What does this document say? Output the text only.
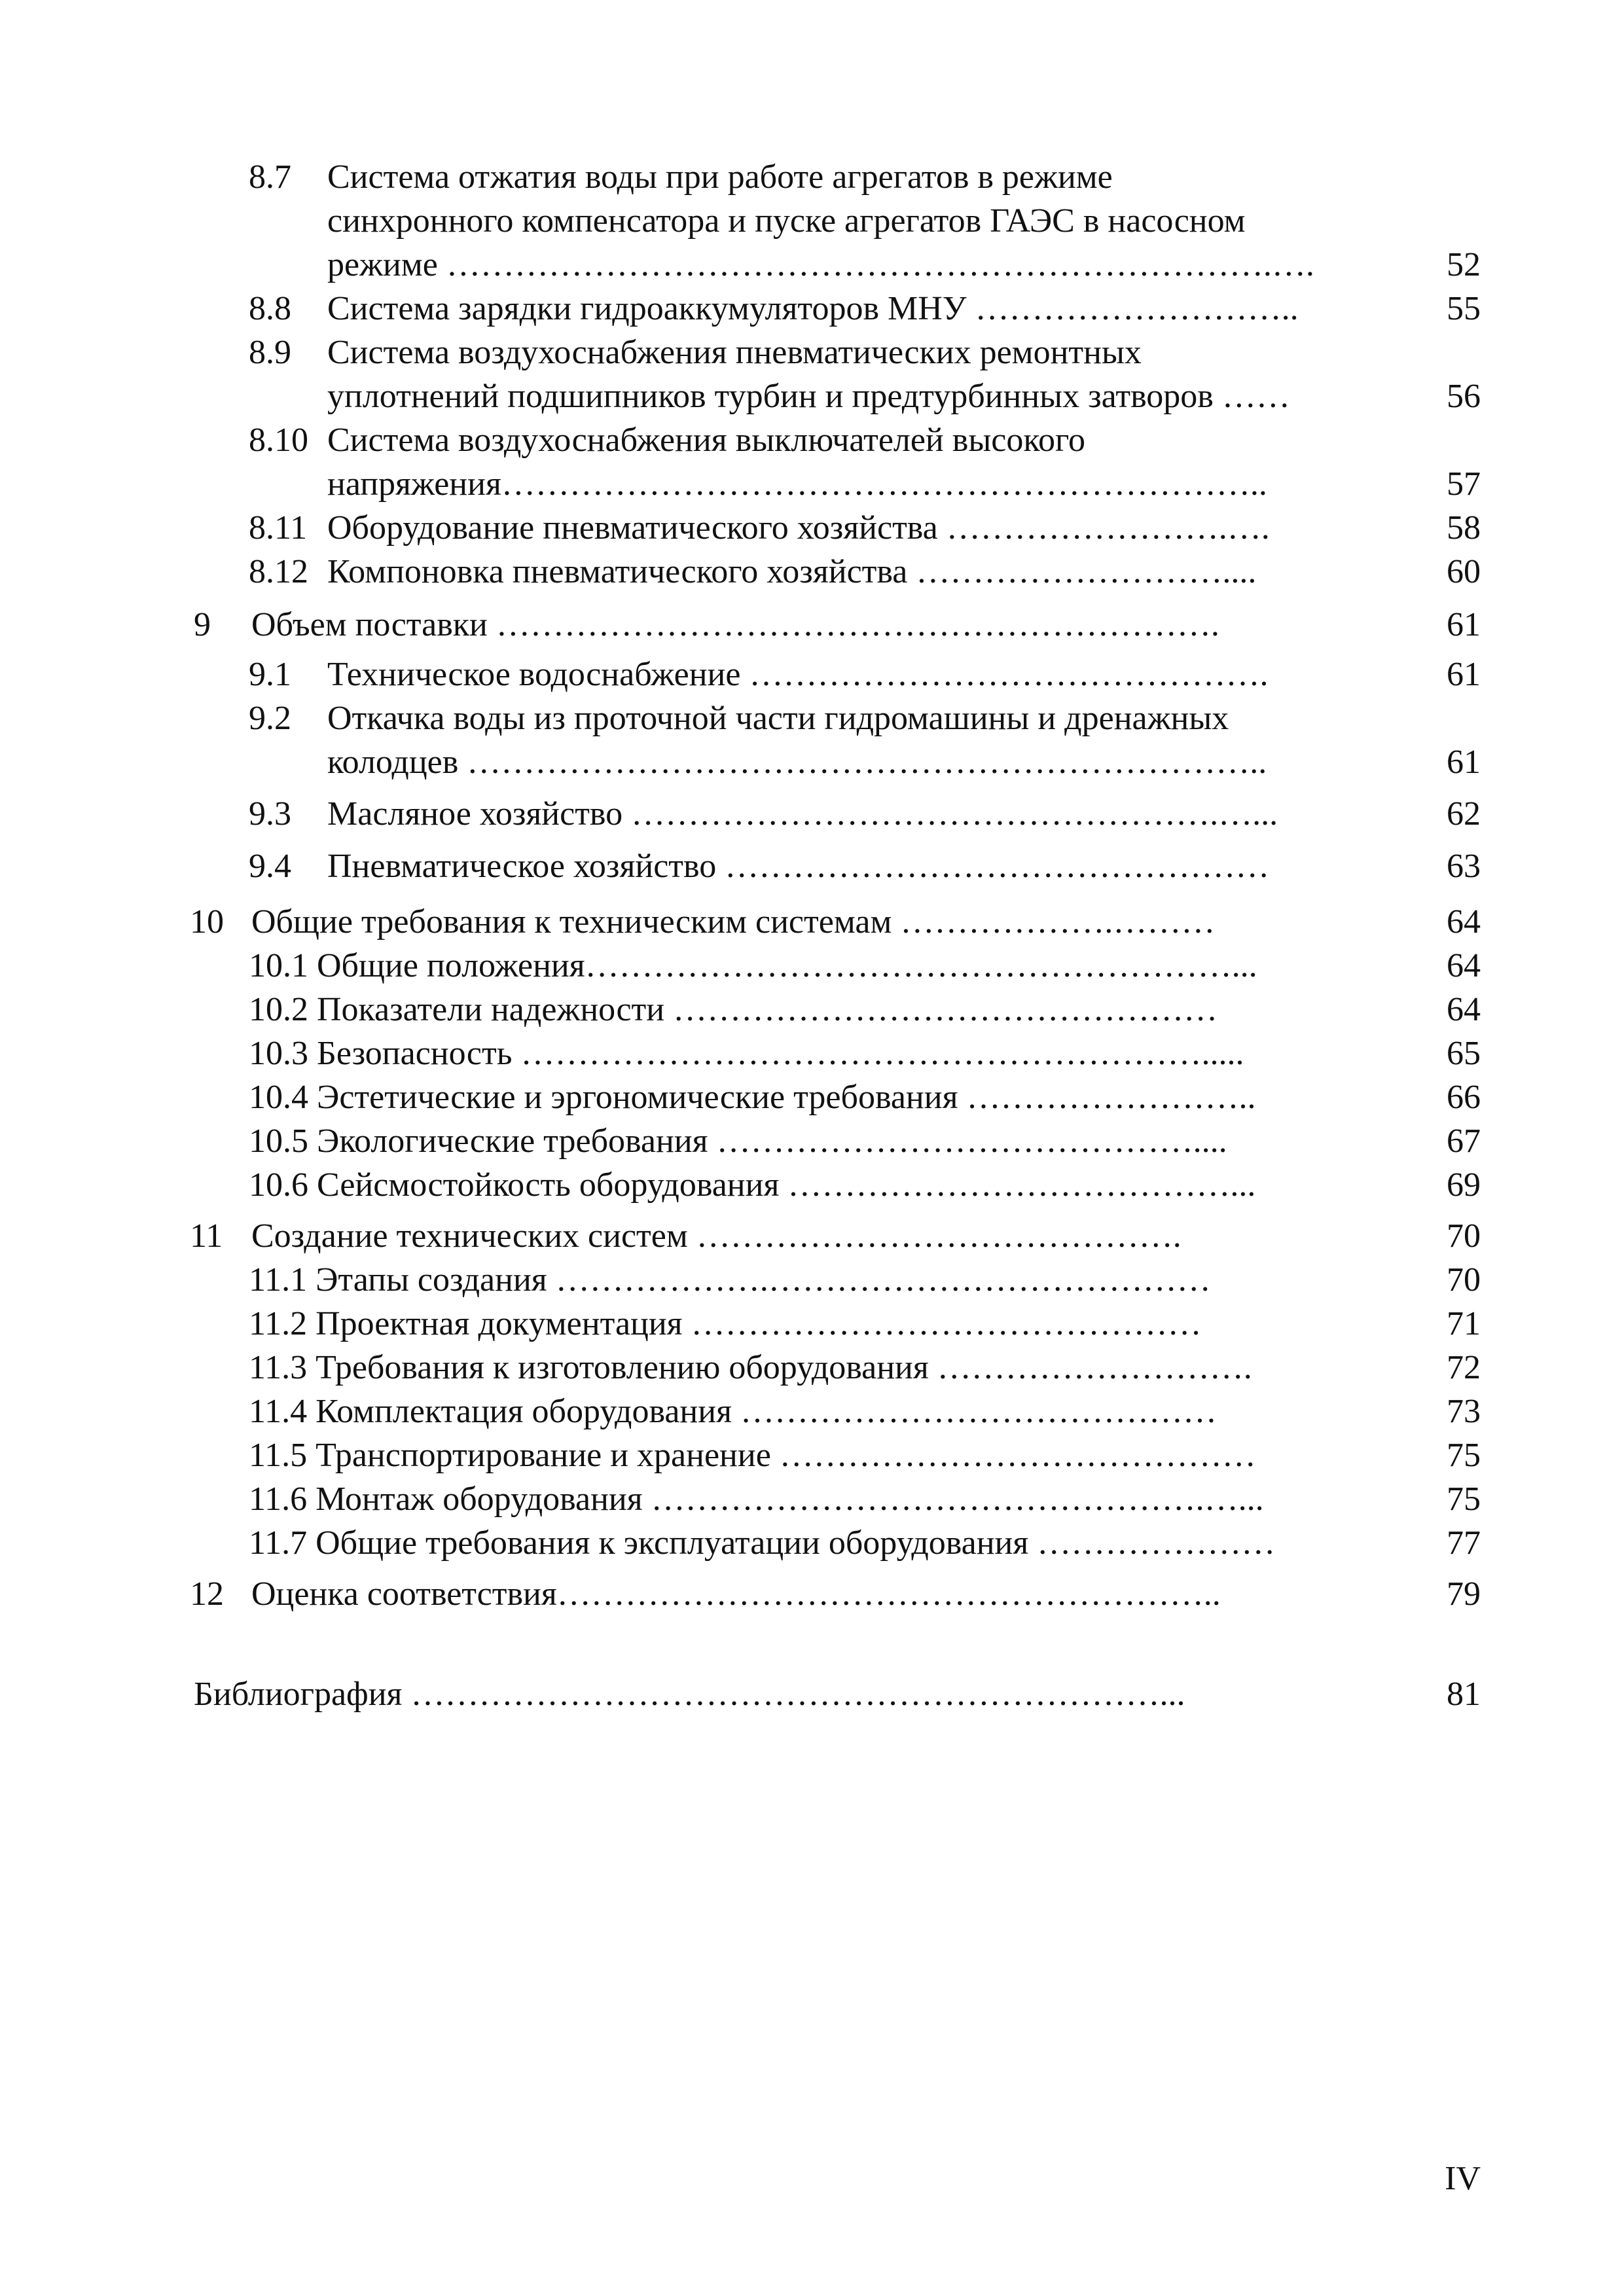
8.7 Система отжатия воды при работе агрегатов в режиме
синхронного компенсатора и пуске агрегатов ГАЭС в насосном
режиме ……………………………………………………………….….	52
8.8 Система зарядки гидроаккумуляторов МНУ ………………………..	55
8.9 Система воздухоснабжения пневматических ремонтных
уплотнений подшипников турбин и предтурбинных затворов ……	56
8.10 Система воздухоснабжения выключателей высокого
напряжения…………………………………………………………..	57
8.11 Оборудование пневматического хозяйства …………………….….	58
8.12 Компоновка пневматического хозяйства ………………………....	60
9 Объем поставки ……………………………………………………….	61
9.1 Техническое водоснабжение ……………………………………….	61
9.2 Откачка воды из проточной части гидромашины и дренажных
колодцев ……………………………………………………………..	61
9.3 Масляное хозяйство …………………………………………….…...	62
9.4 Пневматическое хозяйство …………………………………………	63
10 Общие требования к техническим системам ……………….………	64
10.1 Общие положения…………………………………………………...	64
10.2 Показатели надежности …………………………………………	64
10.3 Безопасность …………………………………………………….....	65
10.4 Эстетические и эргономические требования ……………………..	66
10.5 Экологические требования ……………………………………....	67
10.6 Сейсмостойкость оборудования …………………………………...	69
11 Создание технических систем …………………………………….	70
11.1 Этапы создания ……………….…………………………………	70
11.2 Проектная документация ………………………………………	71
11.3 Требования к изготовлению оборудования ……………………….	72
11.4 Комплектация оборудования ……………………………………	73
11.5 Транспортирование и хранение ……………………………………	75
11.6 Монтаж оборудования ………………………………………….…...	75
11.7 Общие требования к эксплуатации оборудования …………………	77
12 Оценка соответствия…………………………………………………..	79
Библиография …………………………………………………………...	81
IV
